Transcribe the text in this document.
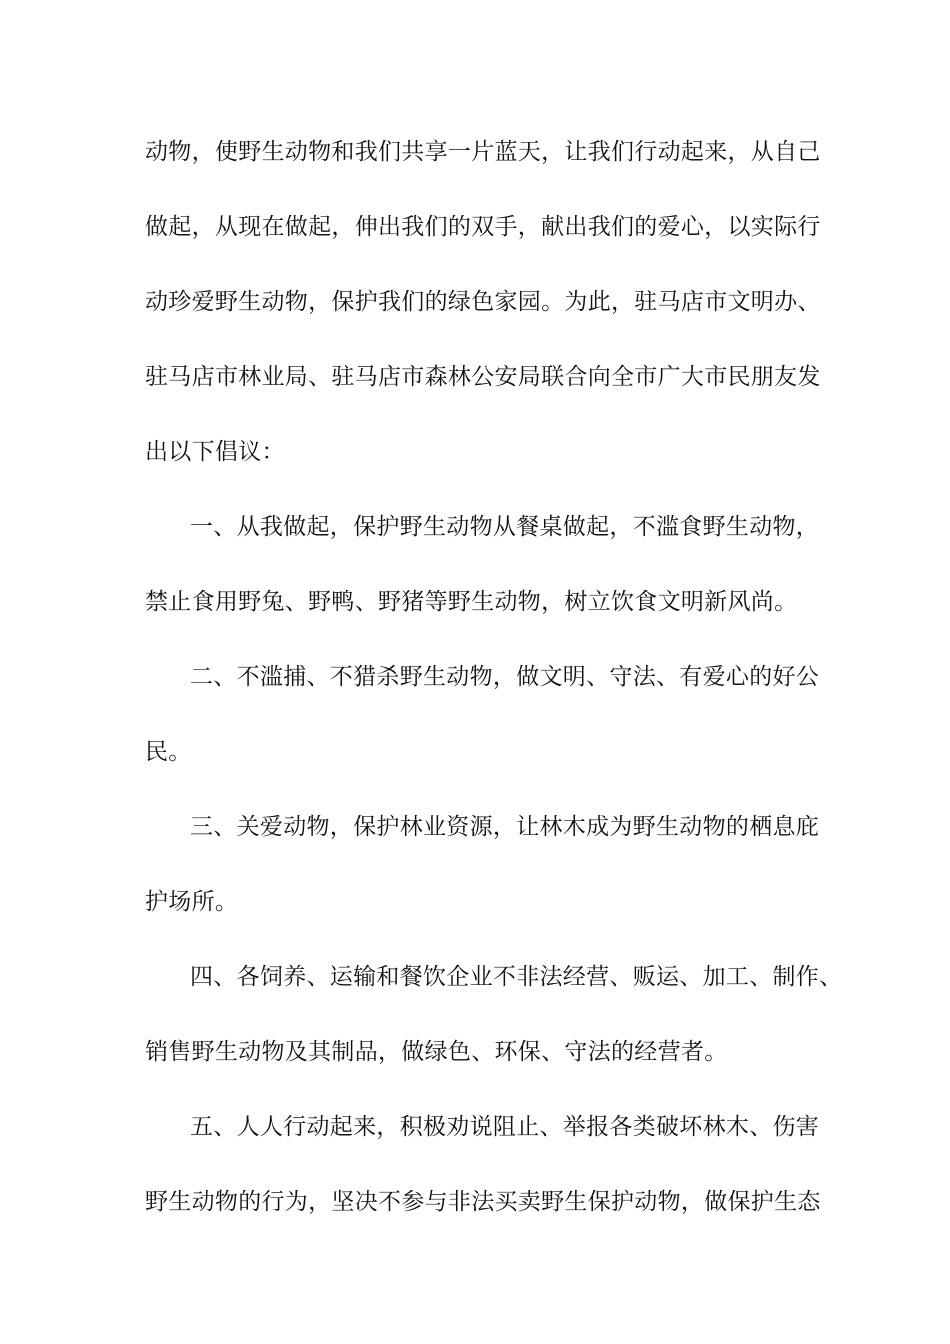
动物，使野生动物和我们共享一片蓝天，让我们行动起来，从自己

做起，从现在做起，伸出我们的双手，献出我们的爱心，以实际行

动珍爱野生动物，保护我们的绿色家园。为此，驻马店市文明办、

驻马店市林业局、驻马店市森林公安局联合向全市广大市民朋友发

出以下倡议：

一、从我做起，保护野生动物从餐桌做起，不滥食野生动物，

禁止食用野兔、野鸭、野猪等野生动物，树立饮食文明新风尚。

二、不滥捕、不猎杀野生动物，做文明、守法、有爱心的好公

民。

三、关爱动物，保护林业资源，让林木成为野生动物的栖息庇

护场所。

四、各饲养、运输和餐饮企业不非法经营、贩运、加工、制作、

销售野生动物及其制品，做绿色、环保、守法的经营者。

五、人人行动起来，积极劝说阻止、举报各类破坏林木、伤害

野生动物的行为，坚决不参与非法买卖野生保护动物，做保护生态
